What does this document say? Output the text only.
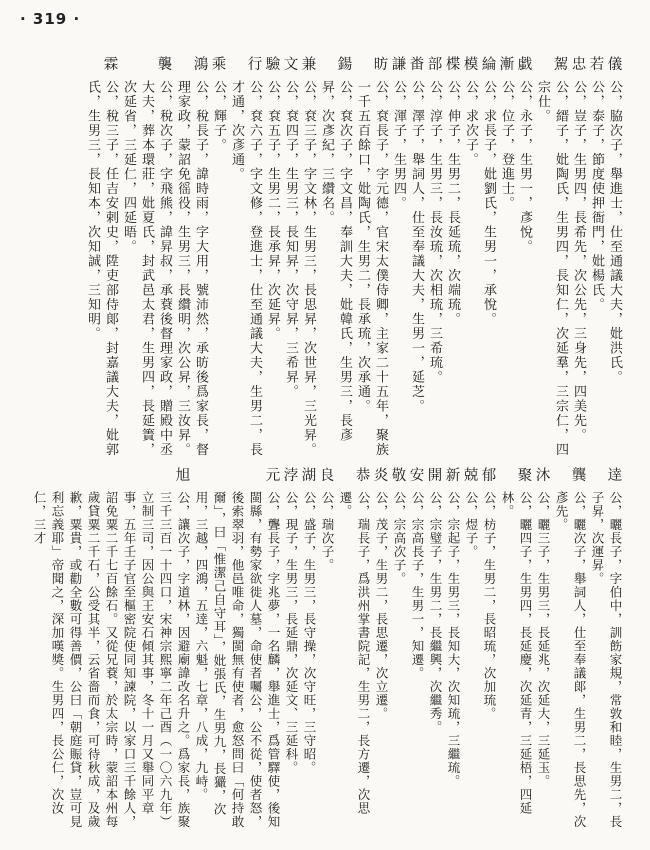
· 319 ·
儀
公，脇次子，舉進士，仕至通議大夫，妣洪氏。
若
公，泰子，節度使押衙門，妣楊氏。
忠
公，豈子，生男四，長希先，次公先，三身先，四美先。
駕
公，縉子，妣陶氏，生男四，長知仁，次延羣，三宗仁，四宗仕。
戱
公，永子，生男一，彥悅。
漸
公，位子，登進士。
綸
公，求長子，妣劉氏，生男一，承悅。
模
公，求次子。
楪
公，伸子，生男二，長延琉，次端琉。
部
公，淳子，生男三，長汝琉，次相琉，三希琉。
畨
公，澤子，舉詞人，仕至奉議大夫，生男一，延芝。
謙
公，渾子，生男四。
昉
公，袞長子，字元德，官宋太僕侍卿，主家二十五年，聚族一千五百餘口，妣陶氏，生男二，長承琉，次承通。
鍚
公，袞次子，字文昌，奉訓大夫，妣韓氏，生男三，長彥昇，次彥紀，三纘名。
兼
公，袞三子，字文林，生男三，長思昇，次世昇，三光昇。
文
公，袞四子，生男三，長知昇，次守昇，三希昇。
驗
公，袞五子，生男二，長承昇，次延昇。
行
公，袞六子，字文修，登進士，仕至通議大夫，生男二，長才通，次彥通。
乘
公，輝子。
鴻
公，稅長子，諱時雨，字大用，號沛然，承昉後爲家長，督理家政，蒙詔免徭役，生男三，長纘明，次公昇，三汝昇。
襲
公，稅次子，字飛熊，諱昇叔，承蔉後督理家政，贈殿中丞大夫，葬本環莊，妣夏氏，封武邑太君，生男四，長延簀，次延省，三延仁，四延晤。
霖
公，稅三子，任吉安剌史，陞吏部侍郞，封嘉議大夫，妣郭氏，生男三，長知本，次知誠，三知明。
逹
公，曬長子，字伯中，訓飭家規，常敦和睦，生男二，長子昇，次運昇。
龔
公，曬次子，舉詞人，仕至奉議郞，生男二，長思先，次彥先。
沐
公，曬三子，生男三，長延兆，次延大，三延玉。
聚
公，曬四子，生男四，長延慶，次延青，三延梧，四延林。
郁
公，枋子，生男二，長昭琉，次加琉。
兢
公，煜子。
新
公，宗起子，生男三，長知大，次知琉，三繼琉。
開
公，宗璧子，生男二，長繼興，次繼秀。
安
公，宗高長子，生男一，知遷。
敬
公，宗高次子。
炎
公，茂子，生男二，長思遷，次立遷。
恭
公，瑞長子，爲洪州掌書院記，生男二，長方遷，次思遷。
良
公，瑞次子。
湖
公，盛子，生男三，長守操，次守旺，三守昭。
浡
公，現子，生男三，長延鼎，次延文、三延科。
元
公，聾長子，字兆夢，一名麟，舉進士，爲管驛使，後知閩縣，有勢家欲徙人墓，命使者囑公，公不從，使者怒，後索翠羽，他邑唯命，獨閩無有使者，愈怒問曰「何持敢爾」，曰「惟潔己自守耳」，妣張氏，生男九，長玁，次用，三越，四鴻，五逹，六魁，七章，八成，九峙。
旭
公，讓次子，字道林，因避廟諱改名升之。爲家長，族聚三千三百一十四口，宋神宗熙寧二年己酉（一〇六九年）立制三司，因公與王安石傾其事，冬十一月又舉同平章事，五年壬子官至樞密院使同知諫院，以家口三千餘人，詔免粟二千七百餘石。又從兄蔉，於太宗時，蒙詔本州每歲貸粟二千石，公受其半，云省嗇而食，可待秋成，及歲歉，粟貴，或勸全數可得善價，公曰「朝庭賑貸，豈可見利忘義耶」帝聞之，深加嘆獎。生男四，長公仁，次汝仁，三才
